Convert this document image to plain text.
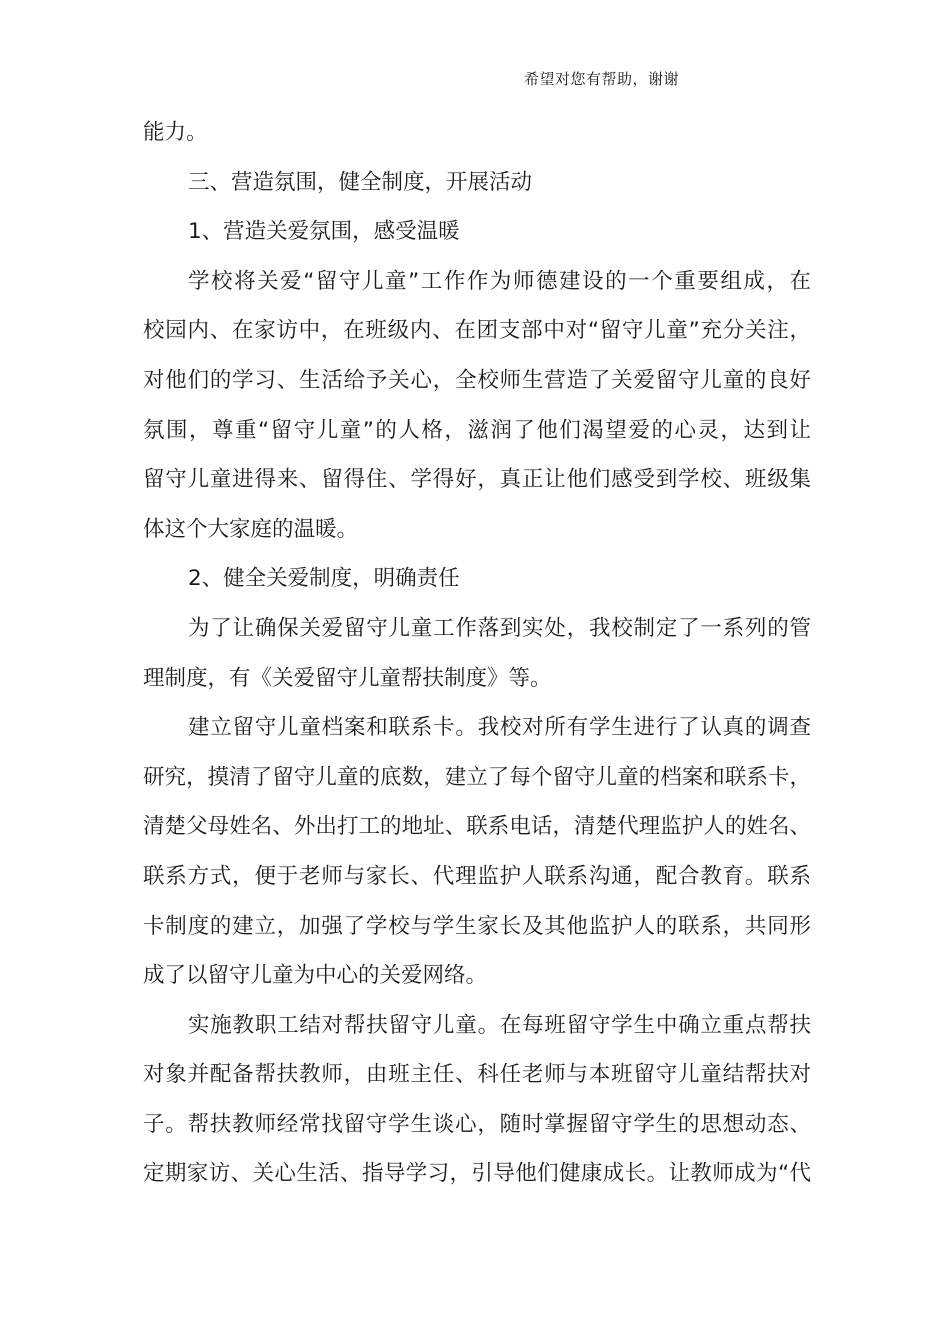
希望对您有帮助，谢谢
能力。
三、营造氛围，健全制度，开展活动
1、营造关爱氛围，感受温暖
学校将关爱“留守儿童”工作作为师德建设的一个重要组成，在
校园内、在家访中，在班级内、在团支部中对“留守儿童”充分关注，
对他们的学习、生活给予关心，全校师生营造了关爱留守儿童的良好
氛围，尊重“留守儿童”的人格，滋润了他们渴望爱的心灵，达到让
留守儿童进得来、留得住、学得好，真正让他们感受到学校、班级集
体这个大家庭的温暖。
2、健全关爱制度，明确责任
为了让确保关爱留守儿童工作落到实处，我校制定了一系列的管
理制度，有《关爱留守儿童帮扶制度》等。
建立留守儿童档案和联系卡。我校对所有学生进行了认真的调查
研究，摸清了留守儿童的底数，建立了每个留守儿童的档案和联系卡，
清楚父母姓名、外出打工的地址、联系电话，清楚代理监护人的姓名、
联系方式，便于老师与家长、代理监护人联系沟通，配合教育。联系
卡制度的建立，加强了学校与学生家长及其他监护人的联系，共同形
成了以留守儿童为中心的关爱网络。
实施教职工结对帮扶留守儿童。在每班留守学生中确立重点帮扶
对象并配备帮扶教师，由班主任、科任老师与本班留守儿童结帮扶对
子。帮扶教师经常找留守学生谈心，随时掌握留守学生的思想动态、
定期家访、关心生活、指导学习，引导他们健康成长。让教师成为“代
